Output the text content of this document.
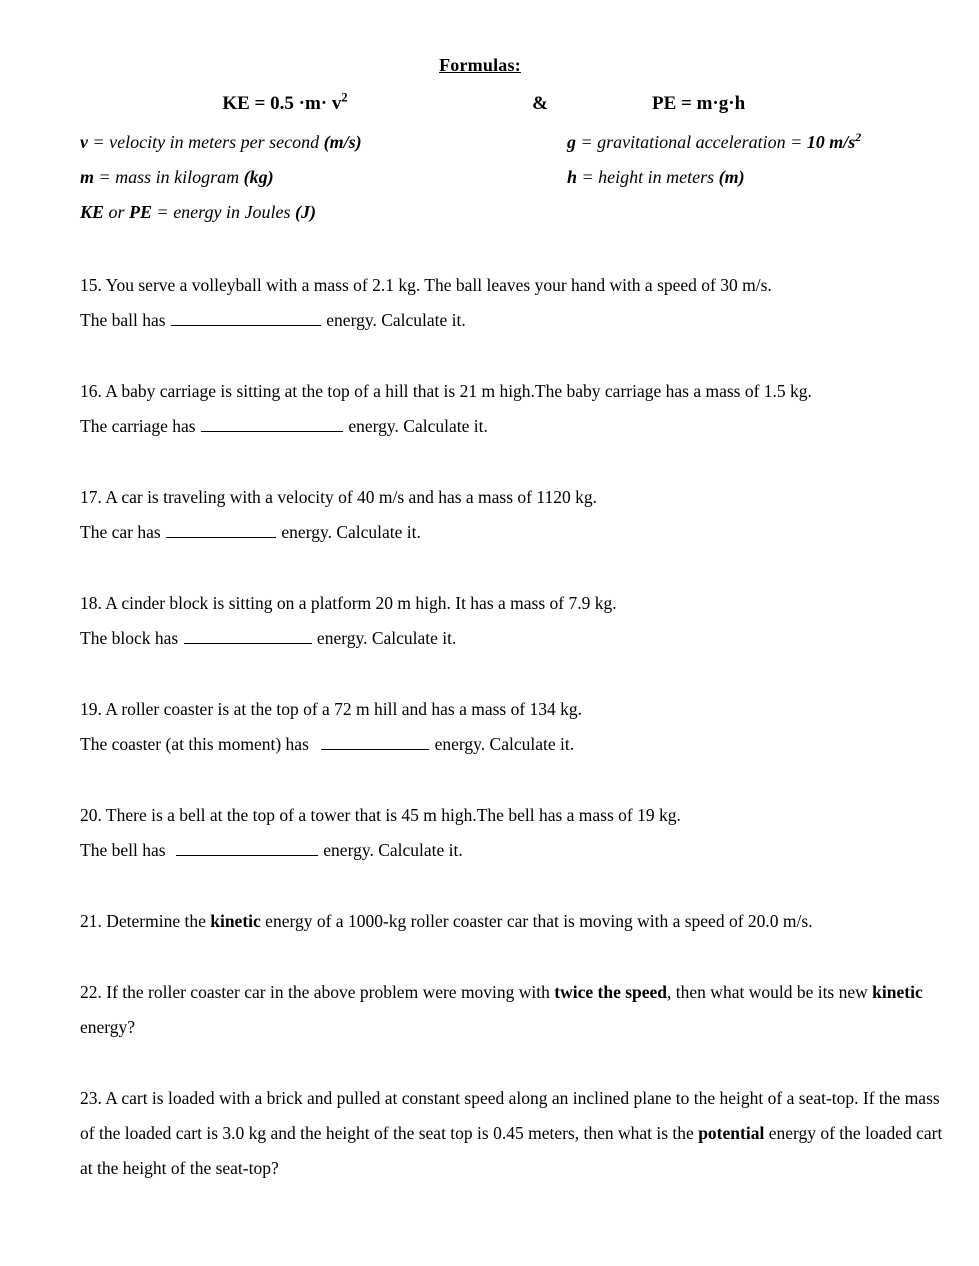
Formulas:
KE = $0.5 \cdot m\cdot v^2$	&	PE = m·g·h
v = velocity in meters per second (m/s)	g = gravitational acceleration = 10 $m/s^2$
m = mass in kilogram (kg)	h = height in meters (m)
KE or PE = energy in Joules (J)
15. You serve a volleyball with a mass of 2.1 kg. The ball leaves your hand with a speed of 30 m/s.
The ball has	energy. Calculate it.
16. A baby carriage is sitting at the top of a hill that is 21 m high.The baby carriage has a mass of 1.5 kg.
The carriage has	energy. Calculate it.
17. A car is traveling with a velocity of 40 m/s and has a mass of 1120 kg.
The car has	energy. Calculate it.
18. A cinder block is sitting on a platform 20 m high. It has a mass of 7.9 kg.
The block has	energy. Calculate it.
19. A roller coaster is at the top of a 72 m hill and has a mass of 134 kg.
The coaster (at this moment) has	energy. Calculate it.
20. There is a bell at the top of a tower that is 45 m high.The bell has a mass of 19 kg.
The bell has	energy. Calculate it.
21. Determine the kinetic energy of a 1000-kg roller coaster car that is moving with a speed of 20.0 m/s.
22. If the roller coaster car in the above problem were moving with twice the speed, then what would be its new kinetic energy?
23. A cart is loaded with a brick and pulled at constant speed along an inclined plane to the height of a seat-top. If the mass of the loaded cart is 3.0 kg and the height of the seat top is 0.45 meters, then what is the potential energy of the loaded cart at the height of the seat-top?
